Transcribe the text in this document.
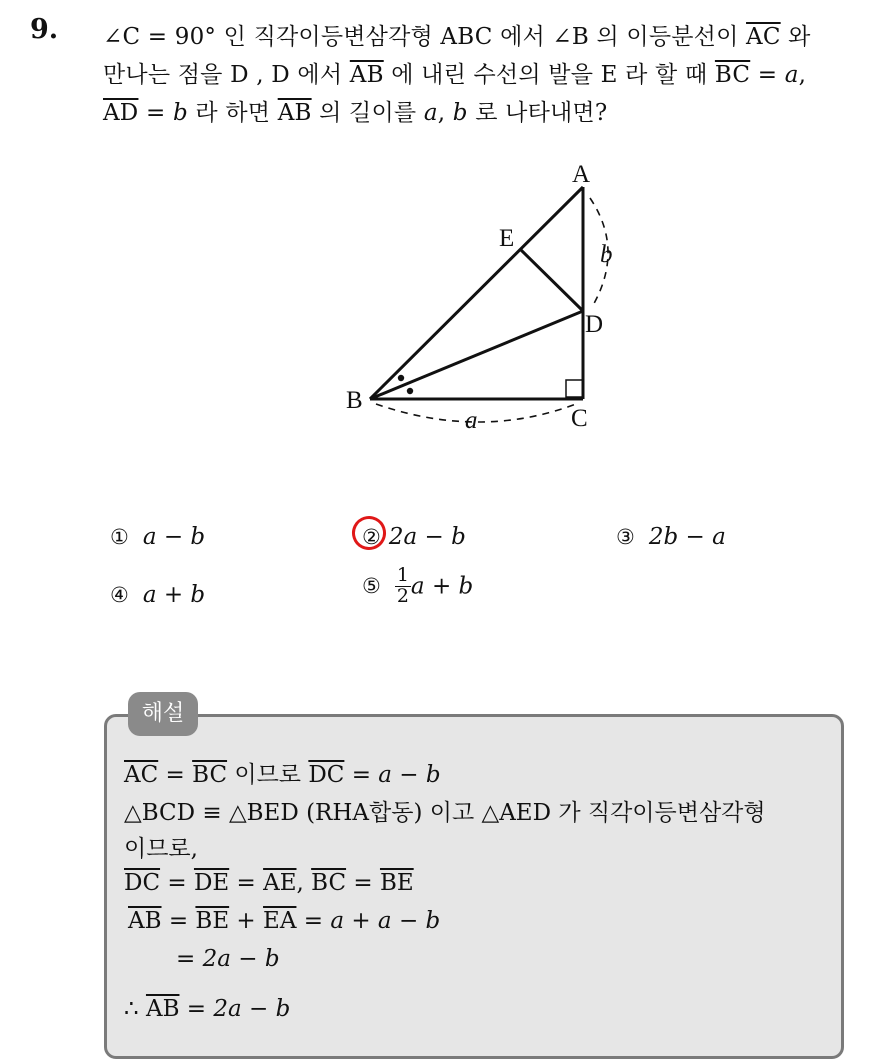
9. ∠C = 90° 인 직각이등변삼각형 ABC 에서 ∠B 의 이등분선이 $\overline{AC}$ 와
만나는 점을 D , D 에서 $\overline{AB}$ 에 내린 수선의 발을 E 라 할 때 $\overline{BC} = a$,
$\overline{AD} = b$ 라 하면 $\overline{AB}$ 의 길이를 a, b 로 나타내면?
A
E
D
B
C
b
a
① a − b	② 2a − b	③ 2b − a
④ a + b	⑤ $\frac{1}{2}$ a + b
해설
$\overline{AC} = \overline{BC}$ 이므로 $\overline{DC} = a - b$
△BCD ≡ △BED (RHA합동) 이고 △AED 가 직각이등변삼각형
이므로,
$\overline{DC} = \overline{DE} = \overline{AE}$, $\overline{BC} = \overline{BE}$
$\overline{AB} = \overline{BE} + \overline{EA} = a + a - b$
= 2a − b
∴ $\overline{AB} = 2a - b$
